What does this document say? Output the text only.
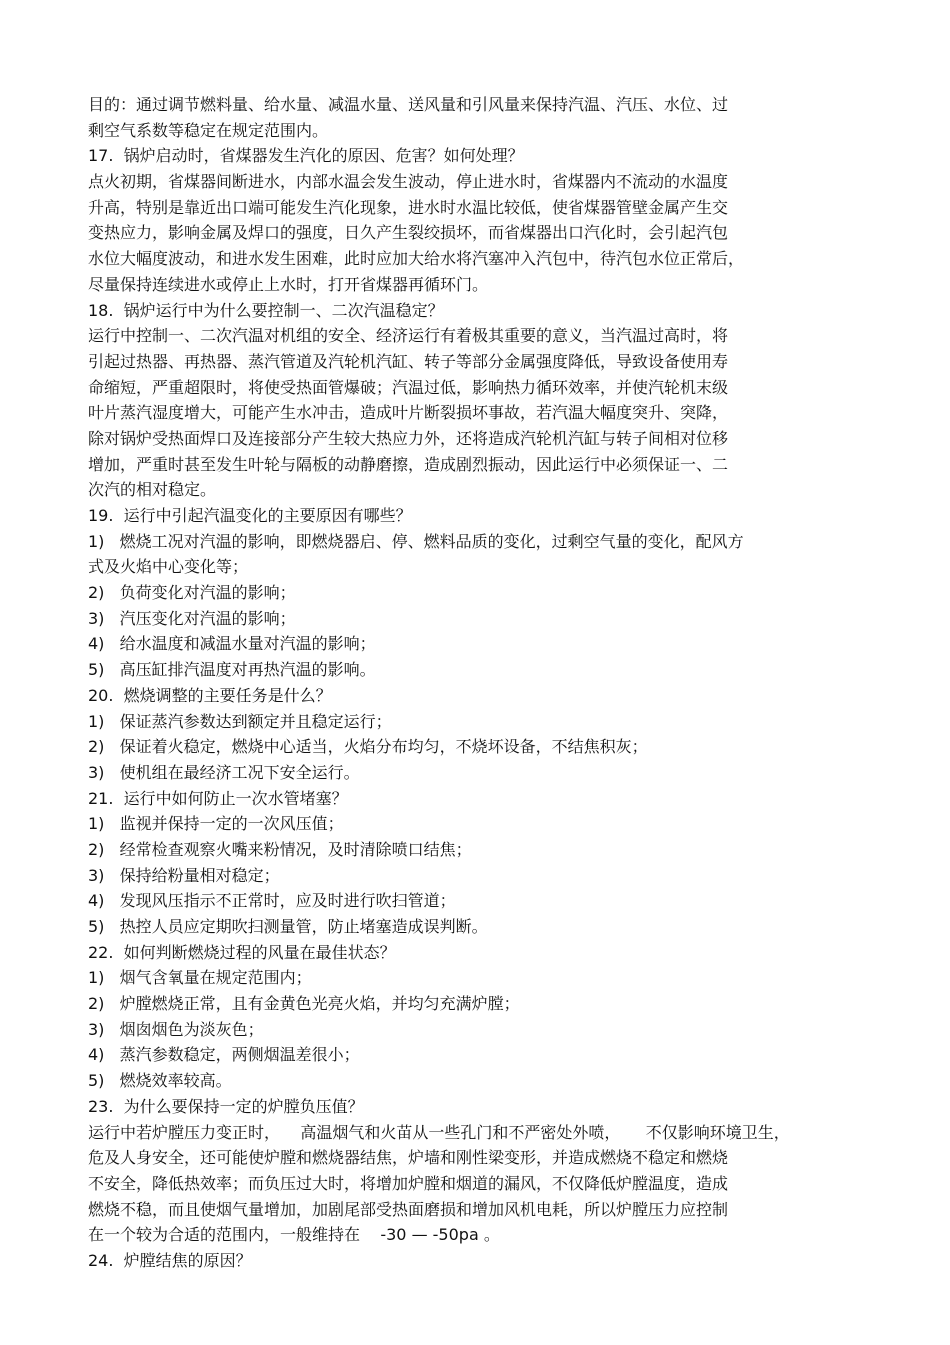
目的：通过调节燃料量、给水量、减温水量、送风量和引风量来保持汽温、汽压、水位、过
剩空气系数等稳定在规定范围内。
17.  锅炉启动时，省煤器发生汽化的原因、危害？如何处理？
点火初期，省煤器间断进水，内部水温会发生波动，停止进水时，省煤器内不流动的水温度
升高，特别是靠近出口端可能发生汽化现象，进水时水温比较低，使省煤器管壁金属产生交
变热应力，影响金属及焊口的强度，日久产生裂绞损坏，而省煤器出口汽化时，会引起汽包
水位大幅度波动，和进水发生困难，此时应加大给水将汽塞冲入汽包中，待汽包水位正常后，
尽量保持连续进水或停止上水时，打开省煤器再循环门。
18.  锅炉运行中为什么要控制一、二次汽温稳定？
运行中控制一、二次汽温对机组的安全、经济运行有着极其重要的意义，当汽温过高时，将
引起过热器、再热器、蒸汽管道及汽轮机汽缸、转子等部分金属强度降低，导致设备使用寿
命缩短，严重超限时，将使受热面管爆破；汽温过低，影响热力循环效率，并使汽轮机末级
叶片蒸汽湿度增大，可能产生水冲击，造成叶片断裂损坏事故，若汽温大幅度突升、突降，
除对锅炉受热面焊口及连接部分产生较大热应力外，还将造成汽轮机汽缸与转子间相对位移
增加，严重时甚至发生叶轮与隔板的动静磨擦，造成剧烈振动，因此运行中必须保证一、二
次汽的相对稳定。
19.  运行中引起汽温变化的主要原因有哪些？
1)   燃烧工况对汽温的影响，即燃烧器启、停、燃料品质的变化，过剩空气量的变化，配风方
式及火焰中心变化等；
2)   负荷变化对汽温的影响；
3)   汽压变化对汽温的影响；
4)   给水温度和减温水量对汽温的影响；
5)   高压缸排汽温度对再热汽温的影响。
20.  燃烧调整的主要任务是什么？
1)   保证蒸汽参数达到额定并且稳定运行；
2)   保证着火稳定，燃烧中心适当，火焰分布均匀，不烧坏设备，不结焦积灰；
3)   使机组在最经济工况下安全运行。
21.  运行中如何防止一次水管堵塞？
1)   监视并保持一定的一次风压值；
2)   经常检查观察火嘴来粉情况，及时清除喷口结焦；
3)   保持给粉量相对稳定；
4)   发现风压指示不正常时，应及时进行吹扫管道；
5)   热控人员应定期吹扫测量管，防止堵塞造成误判断。
22.  如何判断燃烧过程的风量在最佳状态？
1)   烟气含氧量在规定范围内；
2)   炉膛燃烧正常，且有金黄色光亮火焰，并均匀充满炉膛；
3)   烟囱烟色为淡灰色；
4)   蒸汽参数稳定，两侧烟温差很小；
5)   燃烧效率较高。
23.  为什么要保持一定的炉膛负压值？
运行中若炉膛压力变正时，    高温烟气和火苗从一些孔门和不严密处外喷，     不仅影响环境卫生，
危及人身安全，还可能使炉膛和燃烧器结焦，炉墙和刚性梁变形，并造成燃烧不稳定和燃烧
不安全，降低热效率；而负压过大时，将增加炉膛和烟道的漏风，不仅降低炉膛温度，造成
燃烧不稳，而且使烟气量增加，加剧尾部受热面磨损和增加风机电耗，所以炉膛压力应控制
在一个较为合适的范围内，一般维持在    -30 — -50pa 。
24.  炉膛结焦的原因？
